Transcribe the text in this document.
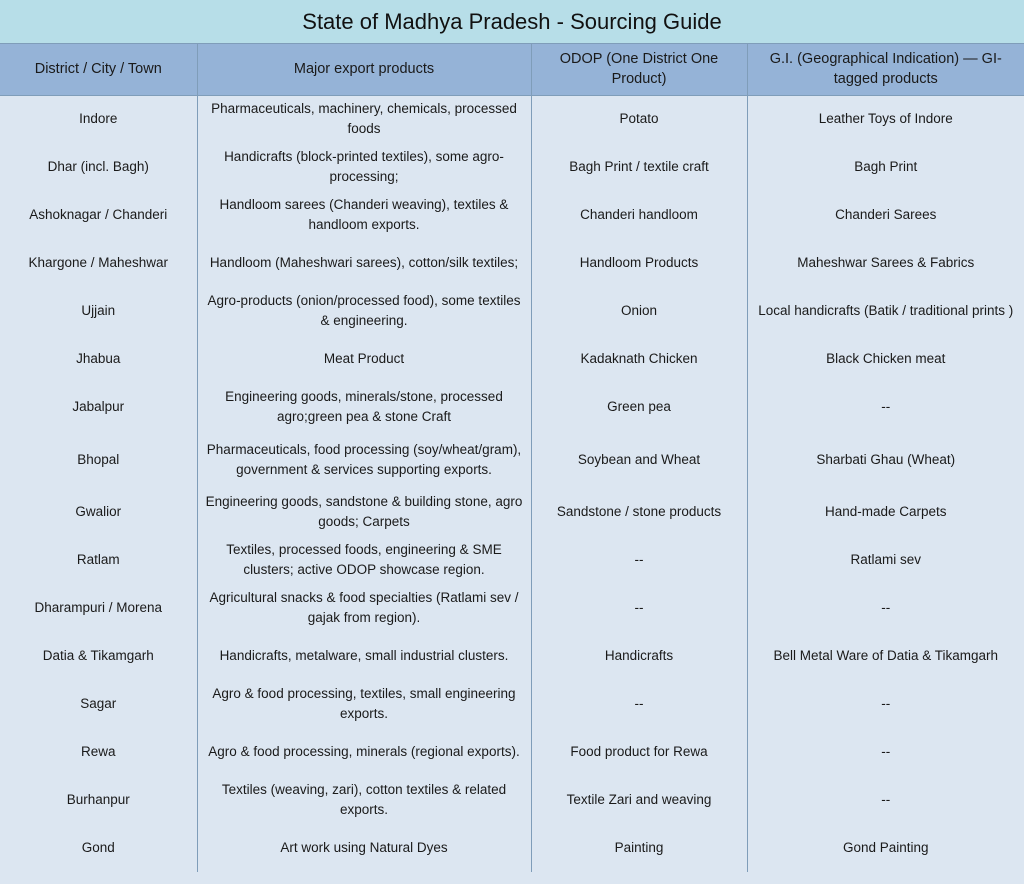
State of Madhya Pradesh - Sourcing Guide
District / City / Town	Major export products	ODOP (One District One Product)	G.I. (Geographical Indication) — GI-tagged products
Indore	Pharmaceuticals, machinery, chemicals, processed foods	Potato	Leather Toys of Indore
Dhar (incl. Bagh)	Handicrafts (block-printed textiles), some agro-processing;	Bagh Print / textile craft	Bagh Print
Ashoknagar / Chanderi	Handloom sarees (Chanderi weaving), textiles & handloom exports.	Chanderi handloom	Chanderi Sarees
Khargone / Maheshwar	Handloom (Maheshwari sarees), cotton/silk textiles;	Handloom Products	Maheshwar Sarees & Fabrics
Ujjain	Agro-products (onion/processed food), some textiles & engineering.	Onion	Local handicrafts (Batik / traditional prints )
Jhabua	Meat Product	Kadaknath Chicken	Black Chicken meat
Jabalpur	Engineering goods, minerals/stone, processed agro;green pea & stone Craft	Green pea	--
Bhopal	Pharmaceuticals, food processing (soy/wheat/gram), government & services supporting exports.	Soybean and Wheat	Sharbati Ghau (Wheat)
Gwalior	Engineering goods, sandstone & building stone, agro goods; Carpets	Sandstone / stone products	Hand-made Carpets
Ratlam	Textiles, processed foods, engineering & SME clusters; active ODOP showcase region.	--	Ratlami sev
Dharampuri / Morena	Agricultural snacks & food specialties (Ratlami sev / gajak from region).	--	--
Datia & Tikamgarh	Handicrafts, metalware, small industrial clusters.	Handicrafts	Bell Metal Ware of Datia & Tikamgarh
Sagar	Agro & food processing, textiles, small engineering exports.	--	--
Rewa	Agro & food processing, minerals (regional exports).	Food product for Rewa	--
Burhanpur	Textiles (weaving, zari), cotton textiles & related exports.	Textile Zari and weaving	--
Gond	Art work using Natural Dyes	Painting	Gond Painting
